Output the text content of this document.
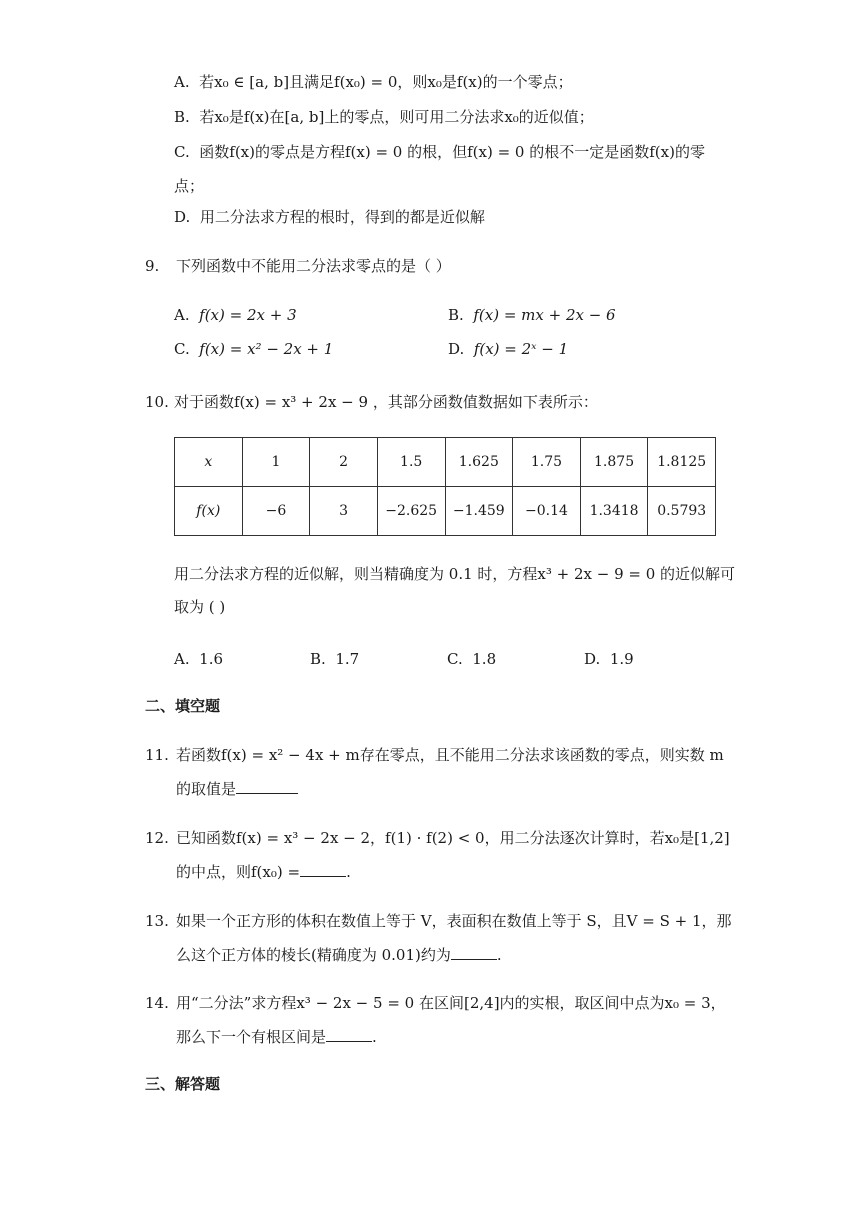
A. 若x₀ ∈ [a, b]且满足f(x₀) = 0，则x₀是f(x)的一个零点；
B. 若x₀是f(x)在[a, b]上的零点，则可用二分法求x₀的近似值；
C. 函数f(x)的零点是方程f(x) = 0 的根，但f(x) = 0 的根不一定是函数f(x)的零
点；
D. 用二分法求方程的根时，得到的都是近似解
9. 下列函数中不能用二分法求零点的是（ ）
A. f(x) = 2x + 3	B. f(x) = mx + 2x − 6
C. f(x) = x² − 2x + 1	D. f(x) = 2ˣ − 1
10. 对于函数f(x) = x³ + 2x − 9 ，其部分函数值数据如下表所示：
x	1	2	1.5	1.625	1.75	1.875	1.8125
f(x)	−6	3	−2.625	−1.459	−0.14	1.3418	0.5793
用二分法求方程的近似解，则当精确度为 0.1 时，方程x³ + 2x − 9 = 0 的近似解可
取为 ( )
A. 1.6	B. 1.7	C. 1.8	D. 1.9
二、填空题
11. 若函数f(x) = x² − 4x + m存在零点，且不能用二分法求该函数的零点，则实数 m
的取值是
12. 已知函数f(x) = x³ − 2x − 2，f(1) · f(2) < 0，用二分法逐次计算时，若x₀是[1,2]
的中点，则f(x₀) =	.
13. 如果一个正方形的体积在数值上等于 V，表面积在数值上等于 S，且V = S + 1，那
么这个正方体的棱长(精确度为 0.01)约为	.
14. 用“二分法”求方程x³ − 2x − 5 = 0 在区间[2,4]内的实根，取区间中点为x₀ = 3，
那么下一个有根区间是	.
三、解答题
